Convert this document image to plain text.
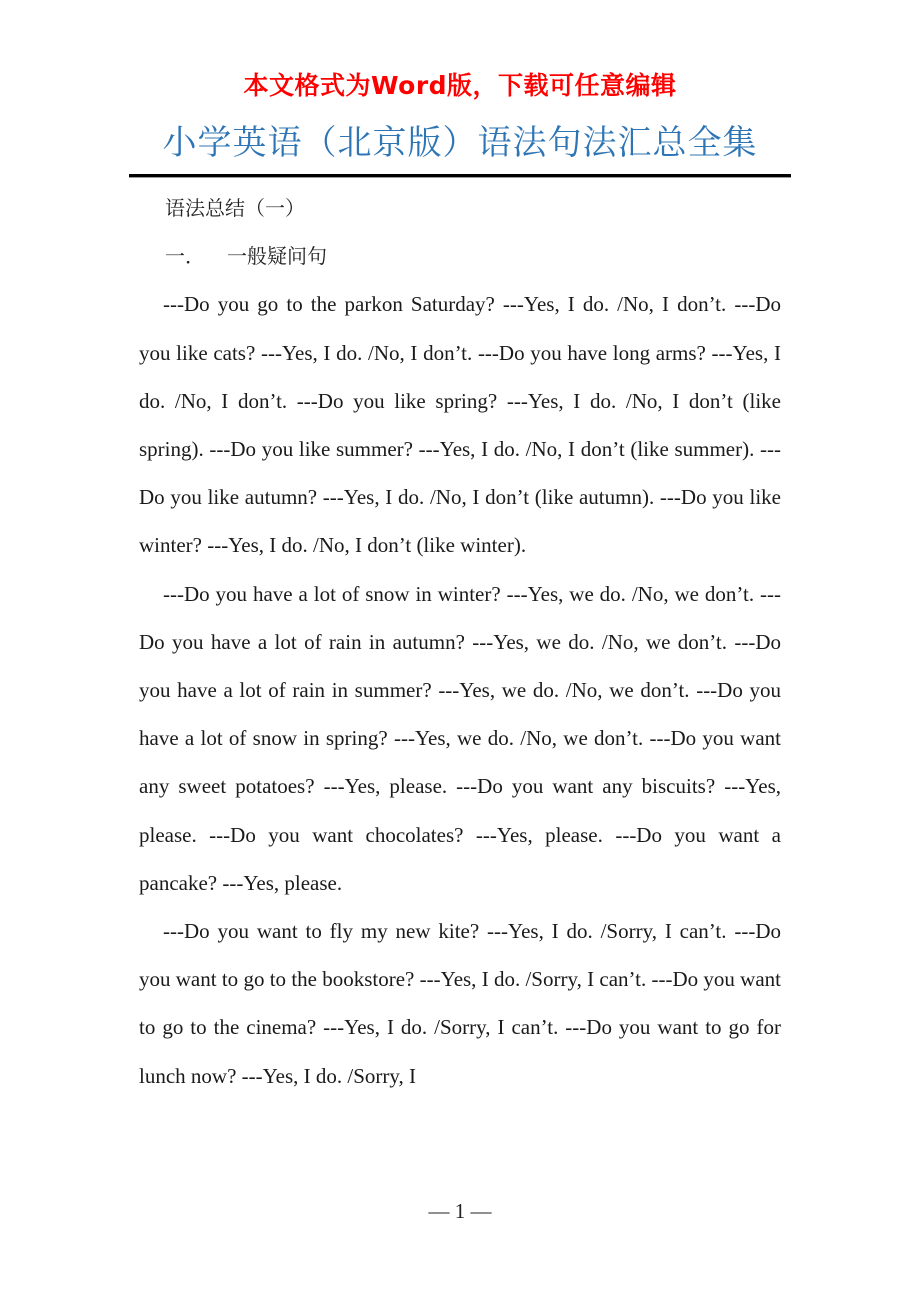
本文格式为Word版，下载可任意编辑
小学英语（北京版）语法句法汇总全集
语法总结（一）
一． 一般疑问句

---Do you go to the parkon Saturday? ---Yes, I do. /No, I don’t. ---Do you like cats? ---Yes, I do. /No, I don’t. ---Do you have long arms? ---Yes, I do. /No, I don’t. ---Do you like spring? ---Yes, I do. /No, I don’t (like spring). ---Do you like summer? ---Yes, I do. /No, I don’t (like summer). ---Do you like autumn? ---Yes, I do. /No, I don’t (like autumn). ---Do you like winter? ---Yes, I do. /No, I don’t (like winter).

---Do you have a lot of snow in winter? ---Yes, we do. /No, we don’t. ---Do you have a lot of rain in autumn? ---Yes, we do. /No, we don’t. ---Do you have a lot of rain in summer? ---Yes, we do. /No, we don’t. ---Do you have a lot of snow in spring? ---Yes, we do. /No, we don’t. ---Do you want any sweet potatoes? ---Yes, please. ---Do you want any biscuits? ---Yes, please. ---Do you want chocolates? ---Yes, please. ---Do you want a pancake? ---Yes, please.

---Do you want to fly my new kite? ---Yes, I do. /Sorry, I can’t. ---Do you want to go to the bookstore? ---Yes, I do. /Sorry, I can’t. ---Do you want to go to the cinema? ---Yes, I do. /Sorry, I can’t. ---Do you want to go for lunch now? ---Yes, I do. /Sorry, I

— 1 —
